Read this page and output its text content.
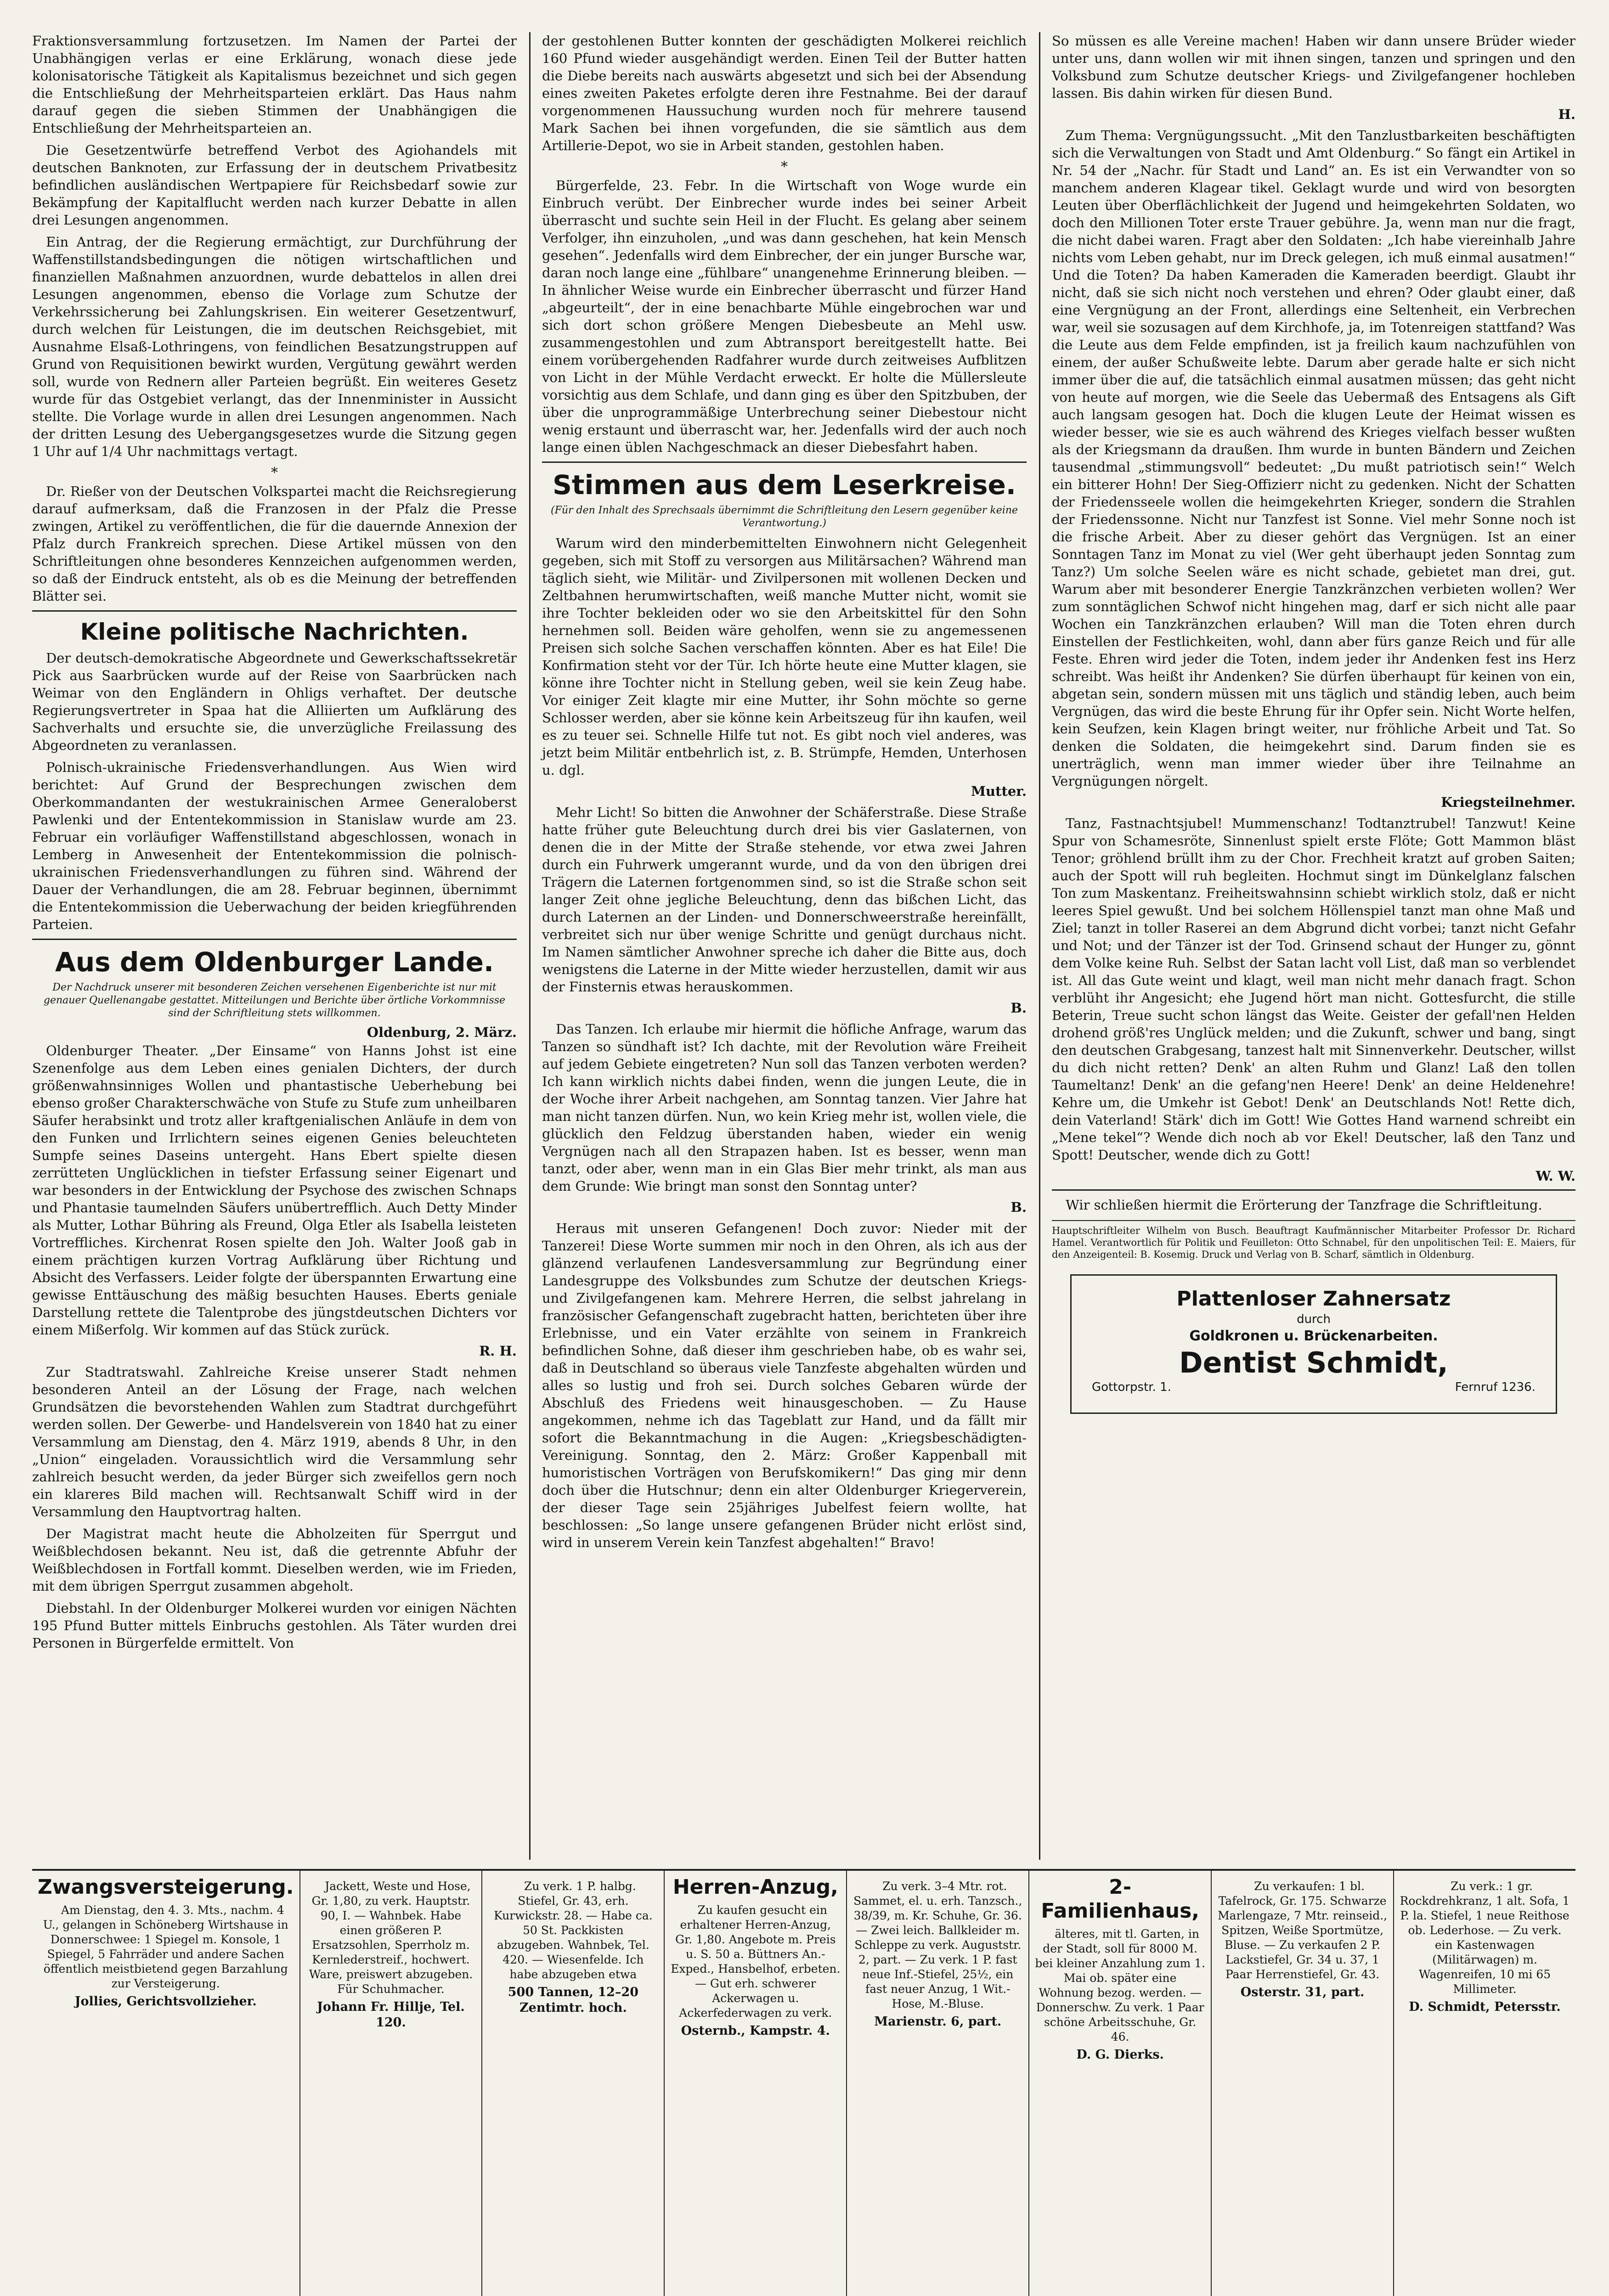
Fraktionsversammlung fortzusetzen. Im Namen der Partei der Unabhängigen verlas er eine Erklärung, wonach diese jede kolonisatorische Tätigkeit als Kapitalismus bezeichnet und sich gegen die Entschließung der Mehrheitsparteien erklärt. Das Haus nahm darauf gegen die sieben Stimmen der Unabhängigen die Entschließung der Mehrheitsparteien an.

Die Gesetzentwürfe betreffend Verbot des Agiohandels mit deutschen Banknoten, zur Erfassung der in deutschem Privatbesitz befindlichen ausländischen Wertpapiere für Reichsbedarf sowie zur Bekämpfung der Kapitalflucht werden nach kurzer Debatte in allen drei Lesungen angenommen.

Ein Antrag, der die Regierung ermächtigt, zur Durchführung der Waffenstillstandsbedingungen die nötigen wirtschaftlichen und finanziellen Maßnahmen anzuordnen, wurde debattelos in allen drei Lesungen angenommen, ebenso die Vorlage zum Schutze der Verkehrssicherung bei Zahlungskrisen. Ein weiterer Gesetzentwurf, durch welchen für Leistungen, die im deutschen Reichsgebiet, mit Ausnahme Elsaß-Lothringens, von feindlichen Besatzungstruppen auf Grund von Requisitionen bewirkt wurden, Vergütung gewährt werden soll, wurde von Rednern aller Parteien begrüßt. Ein weiteres Gesetz wurde für das Ostgebiet verlangt, das der Innenminister in Aussicht stellte. Die Vorlage wurde in allen drei Lesungen angenommen. Nach der dritten Lesung des Uebergangsgesetzes wurde die Sitzung gegen 1 Uhr auf 1/4 Uhr nachmittags vertagt.

*

Dr. Rießer von der Deutschen Volkspartei macht die Reichsregierung darauf aufmerksam, daß die Franzosen in der Pfalz die Presse zwingen, Artikel zu veröffentlichen, die für die dauernde Annexion der Pfalz durch Frankreich sprechen. Diese Artikel müssen von den Schriftleitungen ohne besonderes Kennzeichen aufgenommen werden, so daß der Eindruck entsteht, als ob es die Meinung der betreffenden Blätter sei.

Kleine politische Nachrichten.

Der deutsch-demokratische Abgeordnete und Gewerkschaftssekretär Pick aus Saarbrücken wurde auf der Reise von Saarbrücken nach Weimar von den Engländern in Ohligs verhaftet. Der deutsche Regierungsvertreter in Spaa hat die Alliierten um Aufklärung des Sachverhalts und ersuchte sie, die unverzügliche Freilassung des Abgeordneten zu veranlassen.

Polnisch-ukrainische Friedensverhandlungen. Aus Wien wird berichtet: Auf Grund der Besprechungen zwischen dem Oberkommandanten der westukrainischen Armee Generaloberst Pawlenki und der Ententekommission in Stanislaw wurde am 23. Februar ein vorläufiger Waffenstillstand abgeschlossen, wonach in Lemberg in Anwesenheit der Ententekommission die polnisch-ukrainischen Friedensverhandlungen zu führen sind. Während der Dauer der Verhandlungen, die am 28. Februar beginnen, übernimmt die Ententekommission die Ueberwachung der beiden kriegführenden Parteien.

Aus dem Oldenburger Lande.
Der Nachdruck unserer mit besonderen Zeichen versehenen Eigenberichte ist nur mit genauer Quellenangabe gestattet. Mitteilungen und Berichte über örtliche Vorkommnisse sind der Schriftleitung stets willkommen.
Oldenburg, 2. März.

Oldenburger Theater. „Der Einsame“ von Hanns Johst ist eine Szenenfolge aus dem Leben eines genialen Dichters, der durch größenwahnsinniges Wollen und phantastische Ueberhebung bei ebenso großer Charakterschwäche von Stufe zu Stufe zum unheilbaren Säufer herabsinkt und trotz aller kraftgenialischen Anläufe in dem von den Funken und Irrlichtern seines eigenen Genies beleuchteten Sumpfe seines Daseins untergeht. Hans Ebert spielte diesen zerrütteten Unglücklichen in tiefster Erfassung seiner Eigenart und war besonders in der Entwicklung der Psychose des zwischen Schnaps und Phantasie taumelnden Säufers unübertrefflich. Auch Detty Minder als Mutter, Lothar Bühring als Freund, Olga Etler als Isabella leisteten Vortreffliches. Kirchenrat Rosen spielte den Joh. Walter Jooß gab in einem prächtigen kurzen Vortrag Aufklärung über Richtung und Absicht des Verfassers. Leider folgte der überspannten Erwartung eine gewisse Enttäuschung des mäßig besuchten Hauses. Eberts geniale Darstellung rettete die Talentprobe des jüngstdeutschen Dichters vor einem Mißerfolg. Wir kommen auf das Stück zurück.

R. H.

Zur Stadtratswahl. Zahlreiche Kreise unserer Stadt nehmen besonderen Anteil an der Lösung der Frage, nach welchen Grundsätzen die bevorstehenden Wahlen zum Stadtrat durchgeführt werden sollen. Der Gewerbe- und Handelsverein von 1840 hat zu einer Versammlung am Dienstag, den 4. März 1919, abends 8 Uhr, in den „Union“ eingeladen. Voraussichtlich wird die Versammlung sehr zahlreich besucht werden, da jeder Bürger sich zweifellos gern noch ein klareres Bild machen will. Rechtsanwalt Schiff wird in der Versammlung den Hauptvortrag halten.

Der Magistrat macht heute die Abholzeiten für Sperrgut und Weißblechdosen bekannt. Neu ist, daß die getrennte Abfuhr der Weißblechdosen in Fortfall kommt. Dieselben werden, wie im Frieden, mit dem übrigen Sperrgut zusammen abgeholt.

Diebstahl. In der Oldenburger Molkerei wurden vor einigen Nächten 195 Pfund Butter mittels Einbruchs gestohlen. Als Täter wurden drei Personen in Bürgerfelde ermittelt. Von

der gestohlenen Butter konnten der geschädigten Molkerei reichlich 160 Pfund wieder ausgehändigt werden. Einen Teil der Butter hatten die Diebe bereits nach auswärts abgesetzt und sich bei der Absendung eines zweiten Paketes erfolgte deren ihre Festnahme. Bei der darauf vorgenommenen Haussuchung wurden noch für mehrere tausend Mark Sachen bei ihnen vorgefunden, die sie sämtlich aus dem Artillerie-Depot, wo sie in Arbeit standen, gestohlen haben.

*

Bürgerfelde, 23. Febr. In die Wirtschaft von Woge wurde ein Einbruch verübt. Der Einbrecher wurde indes bei seiner Arbeit überrascht und suchte sein Heil in der Flucht. Es gelang aber seinem Verfolger, ihn einzuholen, „und was dann geschehen, hat kein Mensch gesehen“. Jedenfalls wird dem Einbrecher, der ein junger Bursche war, daran noch lange eine „fühlbare“ unangenehme Erinnerung bleiben. — In ähnlicher Weise wurde ein Einbrecher überrascht und fürzer Hand „abgeurteilt“, der in eine benachbarte Mühle eingebrochen war und sich dort schon größere Mengen Diebesbeute an Mehl usw. zusammengestohlen und zum Abtransport bereitgestellt hatte. Bei einem vorübergehenden Radfahrer wurde durch zeitweises Aufblitzen von Licht in der Mühle Verdacht erweckt. Er holte die Müllersleute vorsichtig aus dem Schlafe, und dann ging es über den Spitzbuben, der über die unprogrammäßige Unterbrechung seiner Diebestour nicht wenig erstaunt und überrascht war, her. Jedenfalls wird der auch noch lange einen üblen Nachgeschmack an dieser Diebesfahrt haben.

Stimmen aus dem Leserkreise.
(Für den Inhalt des Sprechsaals übernimmt die Schriftleitung den Lesern gegenüber keine Verantwortung.)

Warum wird den minderbemittelten Einwohnern nicht Gelegenheit gegeben, sich mit Stoff zu versorgen aus Militärsachen? Während man täglich sieht, wie Militär- und Zivilpersonen mit wollenen Decken und Zeltbahnen herumwirtschaften, weiß manche Mutter nicht, womit sie ihre Tochter bekleiden oder wo sie den Arbeitskittel für den Sohn hernehmen soll. Beiden wäre geholfen, wenn sie zu angemessenen Preisen sich solche Sachen verschaffen könnten. Aber es hat Eile! Die Konfirmation steht vor der Tür. Ich hörte heute eine Mutter klagen, sie könne ihre Tochter nicht in Stellung geben, weil sie kein Zeug habe. Vor einiger Zeit klagte mir eine Mutter, ihr Sohn möchte so gerne Schlosser werden, aber sie könne kein Arbeitszeug für ihn kaufen, weil es zu teuer sei. Schnelle Hilfe tut not. Es gibt noch viel anderes, was jetzt beim Militär entbehrlich ist, z. B. Strümpfe, Hemden, Unterhosen u. dgl.

Mutter.

Mehr Licht! So bitten die Anwohner der Schäferstraße. Diese Straße hatte früher gute Beleuchtung durch drei bis vier Gaslaternen, von denen die in der Mitte der Straße stehende, vor etwa zwei Jahren durch ein Fuhrwerk umgerannt wurde, und da von den übrigen drei Trägern die Laternen fortgenommen sind, so ist die Straße schon seit langer Zeit ohne jegliche Beleuchtung, denn das bißchen Licht, das durch Laternen an der Linden- und Donnerschweerstraße hereinfällt, verbreitet sich nur über wenige Schritte und genügt durchaus nicht. Im Namen sämtlicher Anwohner spreche ich daher die Bitte aus, doch wenigstens die Laterne in der Mitte wieder herzustellen, damit wir aus der Finsternis etwas herauskommen.

B.

Das Tanzen. Ich erlaube mir hiermit die höfliche Anfrage, warum das Tanzen so sündhaft ist? Ich dachte, mit der Revolution wäre Freiheit auf jedem Gebiete eingetreten? Nun soll das Tanzen verboten werden? Ich kann wirklich nichts dabei finden, wenn die jungen Leute, die in der Woche ihrer Arbeit nachgehen, am Sonntag tanzen. Vier Jahre hat man nicht tanzen dürfen. Nun, wo kein Krieg mehr ist, wollen viele, die glücklich den Feldzug überstanden haben, wieder ein wenig Vergnügen nach all den Strapazen haben. Ist es besser, wenn man tanzt, oder aber, wenn man in ein Glas Bier mehr trinkt, als man aus dem Grunde: Wie bringt man sonst den Sonntag unter?

B.

Heraus mit unseren Gefangenen! Doch zuvor: Nieder mit der Tanzerei! Diese Worte summen mir noch in den Ohren, als ich aus der glänzend verlaufenen Landesversammlung zur Begründung einer Landesgruppe des Volksbundes zum Schutze der deutschen Kriegs- und Zivilgefangenen kam. Mehrere Herren, die selbst jahrelang in französischer Gefangenschaft zugebracht hatten, berichteten über ihre Erlebnisse, und ein Vater erzählte von seinem in Frankreich befindlichen Sohne, daß dieser ihm geschrieben habe, ob es wahr sei, daß in Deutschland so überaus viele Tanzfeste abgehalten würden und alles so lustig und froh sei. Durch solches Gebaren würde der Abschluß des Friedens weit hinausgeschoben. — Zu Hause angekommen, nehme ich das Tageblatt zur Hand, und da fällt mir sofort die Bekanntmachung in die Augen: „Kriegsbeschädigten-Vereinigung. Sonntag, den 2. März: Großer Kappenball mit humoristischen Vorträgen von Berufskomikern!“ Das ging mir denn doch über die Hutschnur; denn ein alter Oldenburger Kriegerverein, der dieser Tage sein 25jähriges Jubelfest feiern wollte, hat beschlossen: „So lange unsere gefangenen Brüder nicht erlöst sind, wird in unserem Verein kein Tanzfest abgehalten!“ Bravo!

So müssen es alle Vereine machen! Haben wir dann unsere Brüder wieder unter uns, dann wollen wir mit ihnen singen, tanzen und springen und den Volksbund zum Schutze deutscher Kriegs- und Zivilgefangener hochleben lassen. Bis dahin wirken für diesen Bund.

H.

Zum Thema: Vergnügungssucht. „Mit den Tanzlustbarkeiten beschäftigten sich die Verwaltungen von Stadt und Amt Oldenburg.“ So fängt ein Artikel in Nr. 54 der „Nachr. für Stadt und Land“ an. Es ist ein Verwandter von so manchem anderen Klagear tikel. Geklagt wurde und wird von besorgten Leuten über Oberflächlichkeit der Jugend und heimgekehrten Soldaten, wo doch den Millionen Toter erste Trauer gebühre. Ja, wenn man nur die fragt, die nicht dabei waren. Fragt aber den Soldaten: „Ich habe viereinhalb Jahre nichts vom Leben gehabt, nur im Dreck gelegen, ich muß einmal ausatmen!“ Und die Toten? Da haben Kameraden die Kameraden beerdigt. Glaubt ihr nicht, daß sie sich nicht noch verstehen und ehren? Oder glaubt einer, daß eine Vergnügung an der Front, allerdings eine Seltenheit, ein Verbrechen war, weil sie sozusagen auf dem Kirchhofe, ja, im Totenreigen stattfand? Was die Leute aus dem Felde empfinden, ist ja freilich kaum nachzufühlen von einem, der außer Schußweite lebte. Darum aber gerade halte er sich nicht immer über die auf, die tatsächlich einmal ausatmen müssen; das geht nicht von heute auf morgen, wie die Seele das Uebermaß des Entsagens als Gift auch langsam gesogen hat. Doch die klugen Leute der Heimat wissen es wieder besser, wie sie es auch während des Krieges vielfach besser wußten als der Kriegsmann da draußen. Ihm wurde in bunten Bändern und Zeichen tausendmal „stimmungsvoll“ bedeutet: „Du mußt patriotisch sein!“ Welch ein bitterer Hohn! Der Sieg-Offizierr nicht zu gedenken. Nicht der Schatten der Friedensseele wollen die heimgekehrten Krieger, sondern die Strahlen der Friedenssonne. Nicht nur Tanzfest ist Sonne. Viel mehr Sonne noch ist die frische Arbeit. Aber zu dieser gehört das Vergnügen. Ist an einer Sonntagen Tanz im Monat zu viel (Wer geht überhaupt jeden Sonntag zum Tanz?) Um solche Seelen wäre es nicht schade, gebietet man drei, gut. Warum aber mit besonderer Energie Tanzkränzchen verbieten wollen? Wer zum sonntäglichen Schwof nicht hingehen mag, darf er sich nicht alle paar Wochen ein Tanzkränzchen erlauben? Will man die Toten ehren durch Einstellen der Festlichkeiten, wohl, dann aber fürs ganze Reich und für alle Feste. Ehren wird jeder die Toten, indem jeder ihr Andenken fest ins Herz schreibt. Was heißt ihr Andenken? Sie dürfen überhaupt für keinen von ein, abgetan sein, sondern müssen mit uns täglich und ständig leben, auch beim Vergnügen, das wird die beste Ehrung für ihr Opfer sein. Nicht Worte helfen, kein Seufzen, kein Klagen bringt weiter, nur fröhliche Arbeit und Tat. So denken die Soldaten, die heimgekehrt sind. Darum finden sie es unerträglich, wenn man immer wieder über ihre Teilnahme an Vergnügungen nörgelt.

Kriegsteilnehmer.

Tanz, Fastnachtsjubel! Mummenschanz! Todtanztrubel! Tanzwut! Keine Spur von Schamesröte, Sinnenlust spielt erste Flöte; Gott Mammon bläst Tenor; gröhlend brüllt ihm zu der Chor. Frechheit kratzt auf groben Saiten; auch der Spott will ruh begleiten. Hochmut singt im Dünkelglanz falschen Ton zum Maskentanz. Freiheitswahnsinn schiebt wirklich stolz, daß er nicht leeres Spiel gewußt. Und bei solchem Höllenspiel tanzt man ohne Maß und Ziel; tanzt in toller Raserei an dem Abgrund dicht vorbei; tanzt nicht Gefahr und Not; und der Tänzer ist der Tod. Grinsend schaut der Hunger zu, gönnt dem Volke keine Ruh. Selbst der Satan lacht voll List, daß man so verblendet ist. All das Gute weint und klagt, weil man nicht mehr danach fragt. Schon verblüht ihr Angesicht; ehe Jugend hört man nicht. Gottesfurcht, die stille Beterin, Treue sucht schon längst das Weite. Geister der gefall'nen Helden drohend größ'res Unglück melden; und die Zukunft, schwer und bang, singt den deutschen Grabgesang, tanzest halt mit Sinnenverkehr. Deutscher, willst du dich nicht retten? Denk' an alten Ruhm und Glanz! Laß den tollen Taumeltanz! Denk' an die gefang'nen Heere! Denk' an deine Heldenehre! Kehre um, die Umkehr ist Gebot! Denk' an Deutschlands Not! Rette dich, dein Vaterland! Stärk' dich im Gott! Wie Gottes Hand warnend schreibt ein „Mene tekel“? Wende dich noch ab vor Ekel! Deutscher, laß den Tanz und Spott! Deutscher, wende dich zu Gott!

W. W.

Wir schließen hiermit die Erörterung der Tanzfrage die Schriftleitung.

Hauptschriftleiter Wilhelm von Busch. Beauftragt Kaufmännischer Mitarbeiter Professor Dr. Richard Hamel. Verantwortlich für Politik und Feuilleton: Otto Schnabel, für den unpolitischen Teil: E. Maiers, für den Anzeigenteil: B. Kosemig. Druck und Verlag von B. Scharf, sämtlich in Oldenburg.
Plattenloser Zahnersatz
durch
Goldkronen u. Brückenarbeiten.
Dentist Schmidt,
Gottorpstr. 1.	Fernruf 1236.
Zwangsversteigerung.

Am Dienstag, den 4. 3. Mts., nachm. 4 U., gelangen in Schöneberg Wirtshause in Donnerschwee: 1 Spiegel m. Konsole, 1 Spiegel, 5 Fahrräder und andere Sachen öffentlich meistbietend gegen Barzahlung zur Versteigerung.

Jollies, Gerichtsvollzieher.

Jackett, Weste und Hose, Gr. 1,80, zu verk. Hauptstr. 90, I. — Wahnbek. Habe einen größeren P. Ersatzsohlen, Sperrholz m. Kernlederstreif., hochwert. Ware, preiswert abzugeben. Für Schuhmacher.

Johann Fr. Hillje, Tel. 120.

Zu verk. 1 P. halbg. Stiefel, Gr. 43, erh. Kurwickstr. 28. — Habe ca. 50 St. Packkisten abzugeben. Wahnbek, Tel. 420. — Wiesenfelde. Ich habe abzugeben etwa

500 Tannen, 12–20 Zentimtr. hoch.
Herren-Anzug,

Zu kaufen gesucht ein erhaltener Herren-Anzug, Gr. 1,80. Angebote m. Preis u. S. 50 a. Büttners An.-Exped., Hansbelhof, erbeten. — Gut erh. schwerer Ackerwagen u. Ackerfederwagen zu verk.

Osternb., Kampstr. 4.

Zu verk. 3–4 Mtr. rot. Sammet, el. u. erh. Tanzsch., 38/39, m. Kr. Schuhe, Gr. 36. — Zwei leich. Ballkleider m. Schleppe zu verk. Auguststr. 2, part. — Zu verk. 1 P. fast neue Inf.-Stiefel, 25½, ein fast neuer Anzug, 1 Wit.-Hose, M.-Bluse.

Marienstr. 6, part.
2-Familienhaus,

älteres, mit tl. Garten, in der Stadt, soll für 8000 M. bei kleiner Anzahlung zum 1. Mai ob. später eine Wohnung bezog. werden. — Donnerschw. Zu verk. 1 Paar schöne Arbeitsschuhe, Gr. 46.

D. G. Dierks.

Zu verkaufen: 1 bl. Tafelrock, Gr. 175. Schwarze Marlengaze, 7 Mtr. reinseid., Spitzen, Weiße Sportmütze, Bluse. — Zu verkaufen 2 P. Lackstiefel, Gr. 34 u. 37, 1 Paar Herrenstiefel, Gr. 43.

Osterstr. 31, part.

Zu verk.: 1 gr. Rockdrehkranz, 1 alt. Sofa, 1 P. la. Stiefel, 1 neue Reithose ob. Lederhose. — Zu verk. ein Kastenwagen (Militärwagen) m. Wagenreifen, 10 mi 65 Millimeter.

D. Schmidt, Petersstr.
